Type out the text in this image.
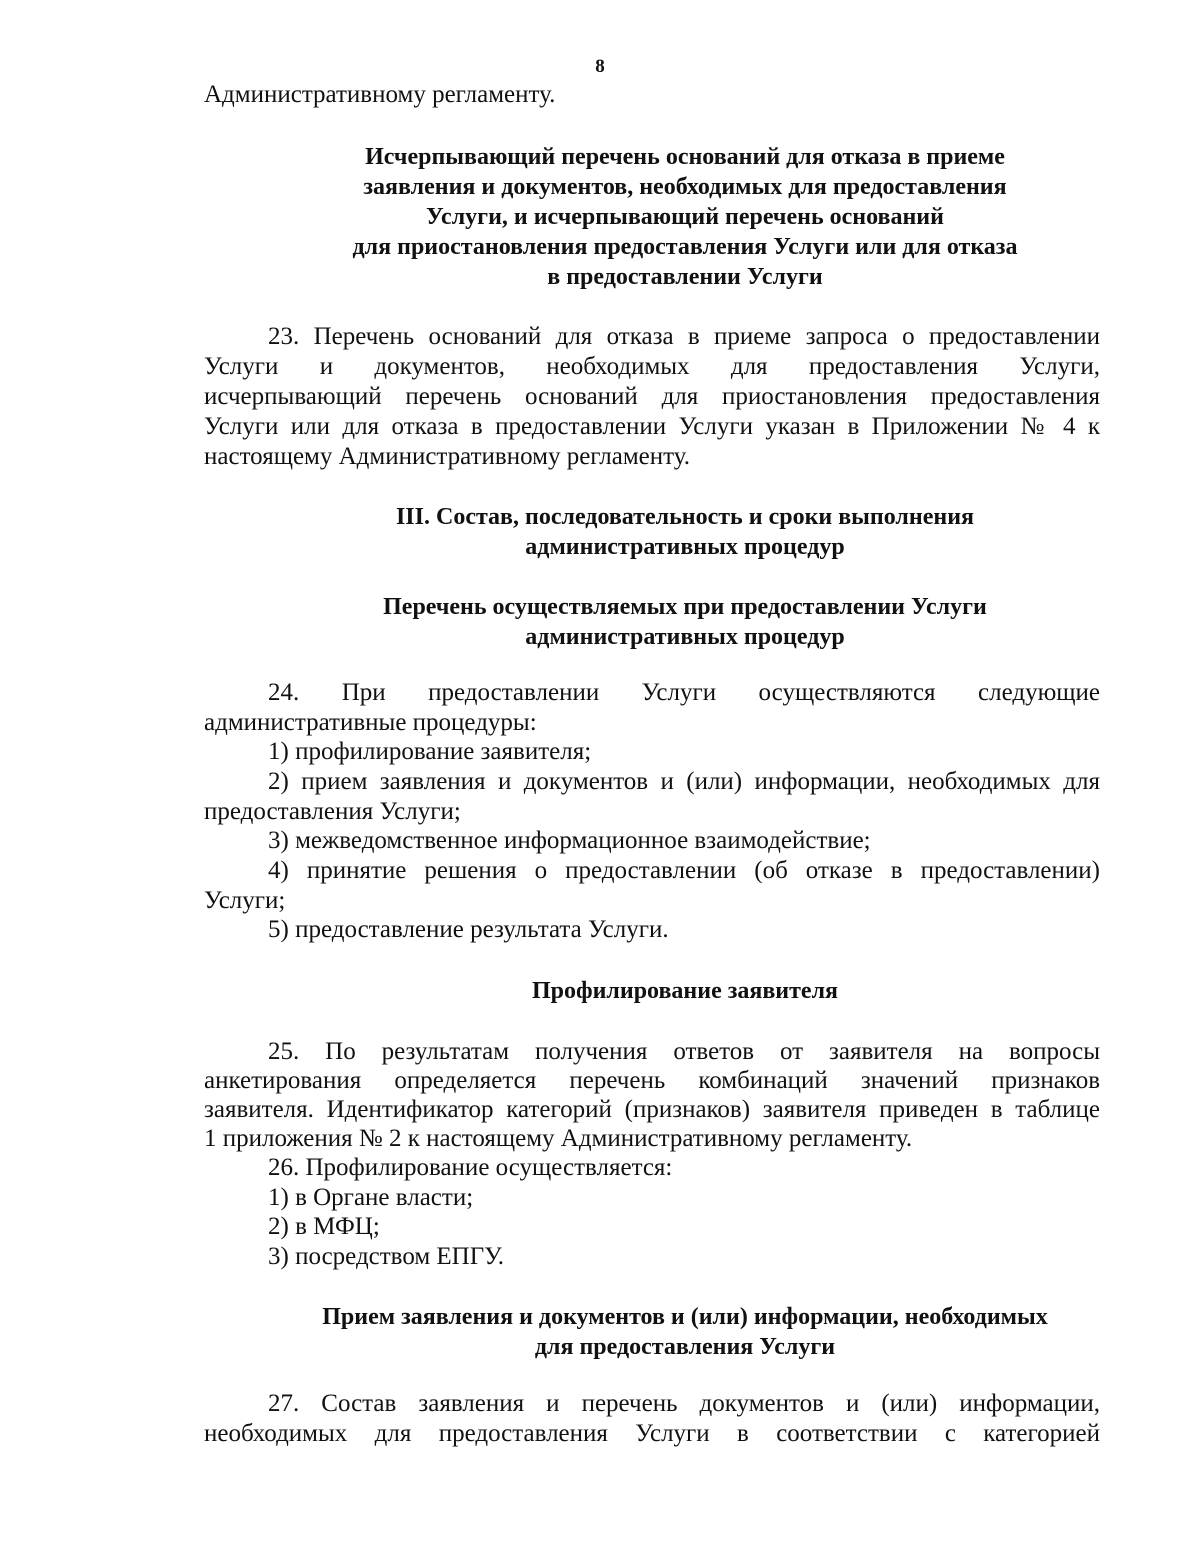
8
Административному регламенту.
Исчерпывающий перечень оснований для отказа в приеме
заявления и документов, необходимых для предоставления
Услуги, и исчерпывающий перечень оснований
для приостановления предоставления Услуги или для отказа
в предоставлении Услуги
23. Перечень оснований для отказа в приеме запроса о предоставлении
Услуги и документов, необходимых для предоставления Услуги,
исчерпывающий перечень оснований для приостановления предоставления
Услуги или для отказа в предоставлении Услуги указан в Приложении № 4 к
настоящему Административному регламенту.
III. Состав, последовательность и сроки выполнения
административных процедур
Перечень осуществляемых при предоставлении Услуги
административных процедур
24. При предоставлении Услуги осуществляются следующие
административные процедуры:
1) профилирование заявителя;
2) прием заявления и документов и (или) информации, необходимых для
предоставления Услуги;
3) межведомственное информационное взаимодействие;
4) принятие решения о предоставлении (об отказе в предоставлении)
Услуги;
5) предоставление результата Услуги.
Профилирование заявителя
25. По результатам получения ответов от заявителя на вопросы
анкетирования определяется перечень комбинаций значений признаков
заявителя. Идентификатор категорий (признаков) заявителя приведен в таблице
1 приложения № 2 к настоящему Административному регламенту.
26. Профилирование осуществляется:
1) в Органе власти;
2) в МФЦ;
3) посредством ЕПГУ.
Прием заявления и документов и (или) информации, необходимых
для предоставления Услуги
27. Состав заявления и перечень документов и (или) информации,
необходимых для предоставления Услуги в соответствии с категорией
